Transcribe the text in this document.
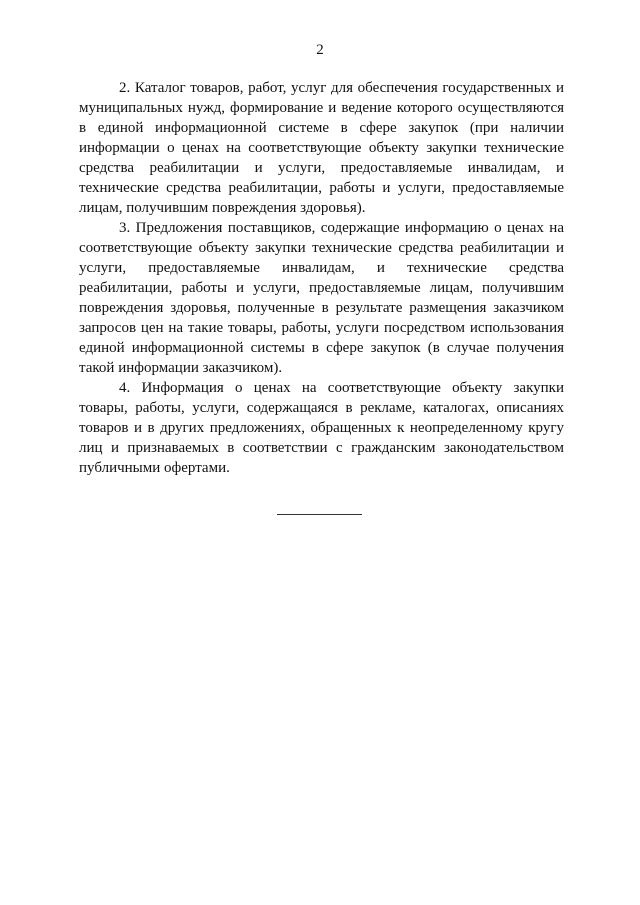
2

2. Каталог товаров, работ, услуг для обеспечения государственных и муниципальных нужд, формирование и ведение которого осуществляются в единой информационной системе в сфере закупок (при наличии информации о ценах на соответствующие объекту закупки технические средства реабилитации и услуги, предоставляемые инвалидам, и технические средства реабилитации, работы и услуги, предоставляемые лицам, получившим повреждения здоровья).

3. Предложения поставщиков, содержащие информацию о ценах на соответствующие объекту закупки технические средства реабилитации и услуги, предоставляемые инвалидам, и технические средства реабилитации, работы и услуги, предоставляемые лицам, получившим повреждения здоровья, полученные в результате размещения заказчиком запросов цен на такие товары, работы, услуги посредством использования единой информационной системы в сфере закупок (в случае получения такой информации заказчиком).

4. Информация о ценах на соответствующие объекту закупки товары, работы, услуги, содержащаяся в рекламе, каталогах, описаниях товаров и в других предложениях, обращенных к неопределенному кругу лиц и признаваемых в соответствии с гражданским законодательством публичными офертами.
